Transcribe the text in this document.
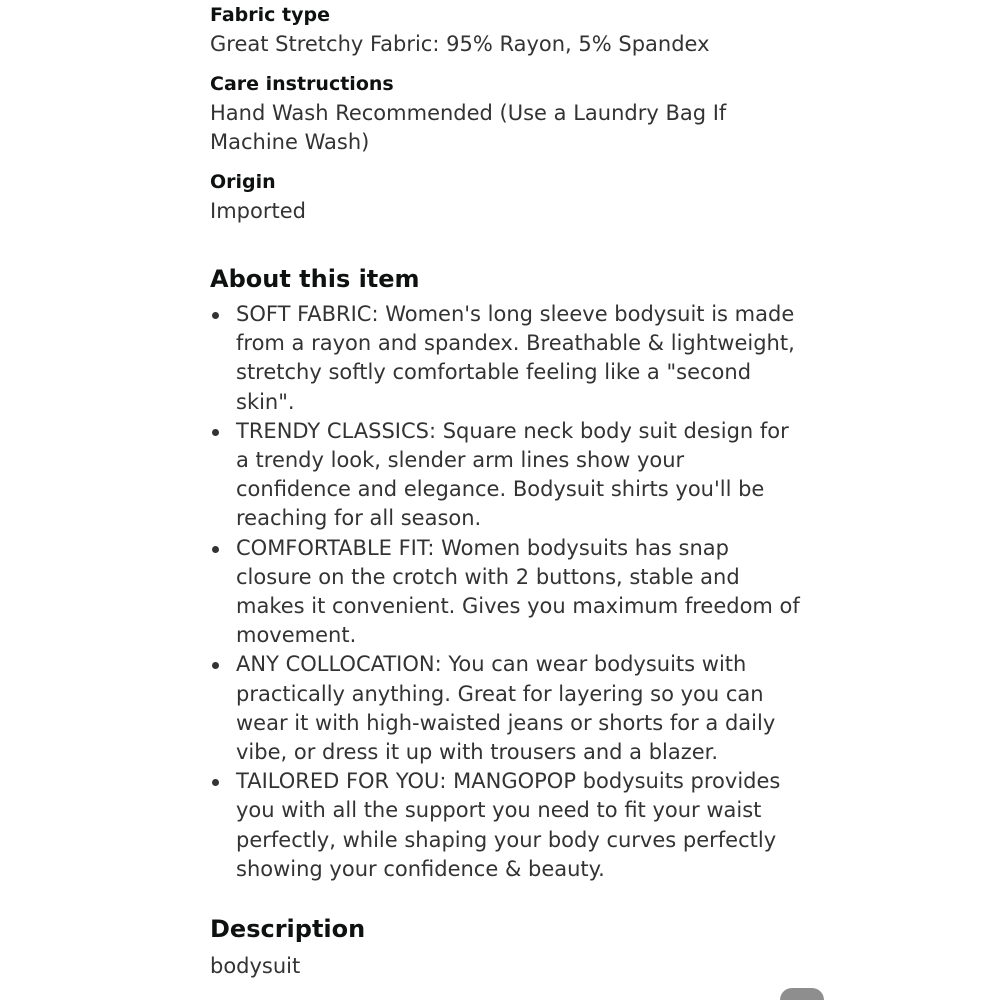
Fabric type

Great Stretchy Fabric: 95% Rayon, 5% Spandex

Care instructions

Hand Wash Recommended (Use a Laundry Bag If Machine Wash)

Origin

Imported

About this item
SOFT FABRIC: Women's long sleeve bodysuit is made from a rayon and spandex. Breathable & lightweight, stretchy softly comfortable feeling like a "second skin".
TRENDY CLASSICS: Square neck body suit design for a trendy look, slender arm lines show your confidence and elegance. Bodysuit shirts you'll be reaching for all season.
COMFORTABLE FIT: Women bodysuits has snap closure on the crotch with 2 buttons, stable and makes it convenient. Gives you maximum freedom of movement.
ANY COLLOCATION: You can wear bodysuits with practically anything. Great for layering so you can wear it with high-waisted jeans or shorts for a daily vibe, or dress it up with trousers and a blazer.
TAILORED FOR YOU: MANGOPOP bodysuits provides you with all the support you need to fit your waist perfectly, while shaping your body curves perfectly showing your confidence & beauty.
Description

bodysuit
